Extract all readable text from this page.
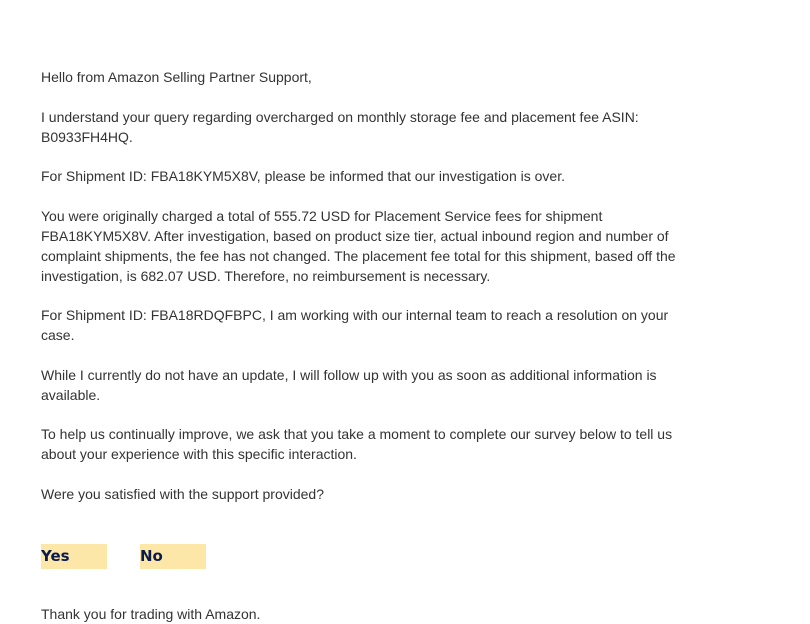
Hello from Amazon Selling Partner Support,

I understand your query regarding overcharged on monthly storage fee and placement fee ASIN: B0933FH4HQ.

For Shipment ID: FBA18KYM5X8V, please be informed that our investigation is over.

You were originally charged a total of 555.72 USD for Placement Service fees for shipment FBA18KYM5X8V. After investigation, based on product size tier, actual inbound region and number of complaint shipments, the fee has not changed. The placement fee total for this shipment, based off the investigation, is 682.07 USD. Therefore, no reimbursement is necessary.

For Shipment ID: FBA18RDQFBPC, I am working with our internal team to reach a resolution on your case.

While I currently do not have an update, I will follow up with you as soon as additional information is available.

To help us continually improve, we ask that you take a moment to complete our survey below to tell us about your experience with this specific interaction.

Were you satisfied with the support provided?

Yes	No
Thank you for trading with Amazon.
